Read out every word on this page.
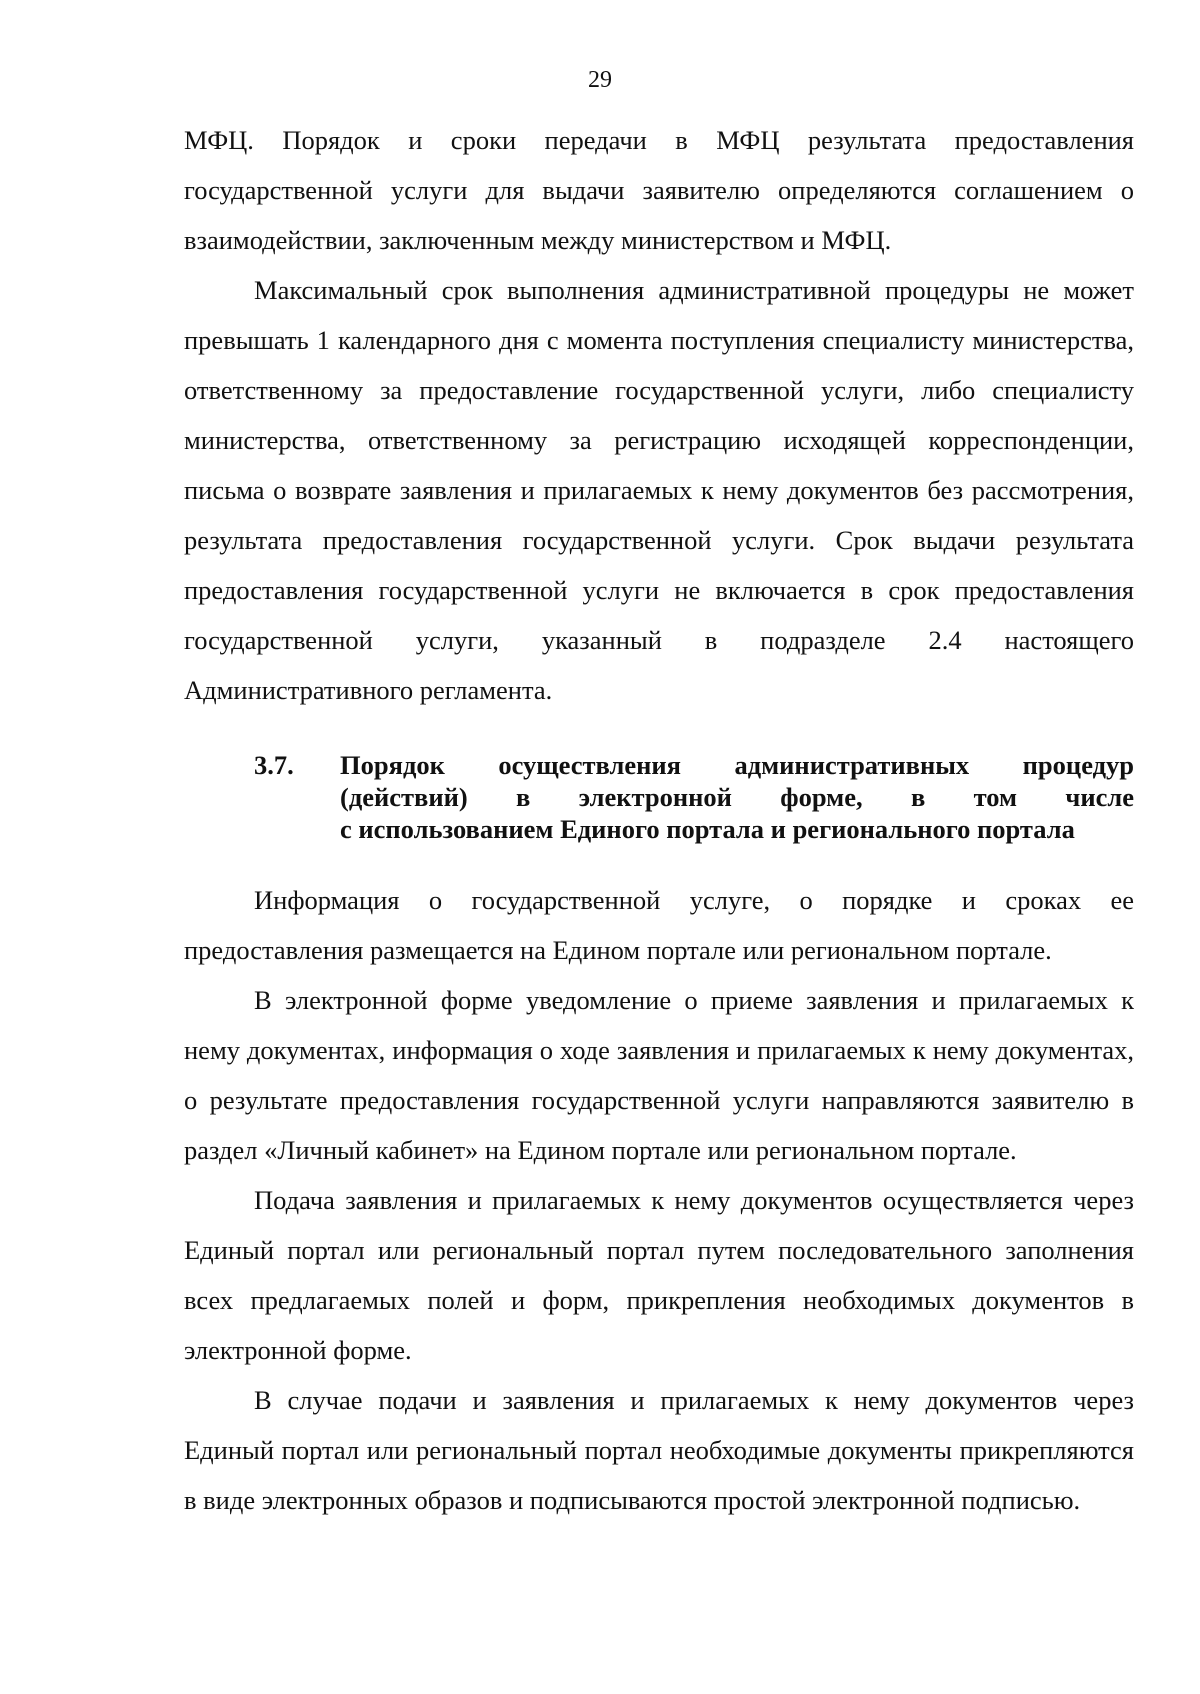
29

МФЦ. Порядок и сроки передачи в МФЦ результата предоставления государственной услуги для выдачи заявителю определяются соглашением о взаимодействии, заключенным между министерством и МФЦ.

Максимальный срок выполнения административной процедуры не может превышать 1 календарного дня с момента поступления специалисту министерства, ответственному за предоставление государственной услуги, либо специалисту министерства, ответственному за регистрацию исходящей корреспонденции, письма о возврате заявления и прилагаемых к нему документов без рассмотрения, результата предоставления государственной услуги. Срок выдачи результата предоставления государственной услуги не включается в срок предоставления государственной услуги, указанный в подразделе 2.4 настоящего Административного регламента.

3.7.	Порядок осуществления административных процедур
(действий) в электронной форме, в том числе
с использованием Единого портала и регионального портала

Информация о государственной услуге, о порядке и сроках ее предоставления размещается на Едином портале или региональном портале.

В электронной форме уведомление о приеме заявления и прилагаемых к нему документах, информация о ходе заявления и прилагаемых к нему документах, о результате предоставления государственной услуги направляются заявителю в раздел «Личный кабинет» на Едином портале или региональном портале.

Подача заявления и прилагаемых к нему документов осуществляется через Единый портал или региональный портал путем последовательного заполнения всех предлагаемых полей и форм, прикрепления необходимых документов в электронной форме.

В случае подачи и заявления и прилагаемых к нему документов через Единый портал или региональный портал необходимые документы прикрепляются в виде электронных образов и подписываются простой электронной подписью.
